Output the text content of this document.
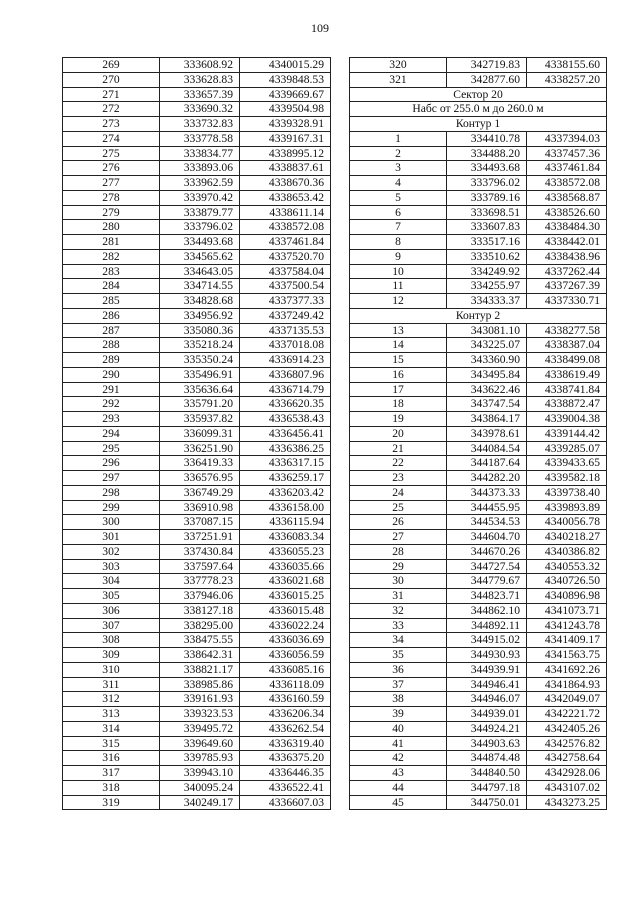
109
269	333608.92	4340015.29
270	333628.83	4339848.53
271	333657.39	4339669.67
272	333690.32	4339504.98
273	333732.83	4339328.91
274	333778.58	4339167.31
275	333834.77	4338995.12
276	333893.06	4338837.61
277	333962.59	4338670.36
278	333970.42	4338653.42
279	333879.77	4338611.14
280	333796.02	4338572.08
281	334493.68	4337461.84
282	334565.62	4337520.70
283	334643.05	4337584.04
284	334714.55	4337500.54
285	334828.68	4337377.33
286	334956.92	4337249.42
287	335080.36	4337135.53
288	335218.24	4337018.08
289	335350.24	4336914.23
290	335496.91	4336807.96
291	335636.64	4336714.79
292	335791.20	4336620.35
293	335937.82	4336538.43
294	336099.31	4336456.41
295	336251.90	4336386.25
296	336419.33	4336317.15
297	336576.95	4336259.17
298	336749.29	4336203.42
299	336910.98	4336158.00
300	337087.15	4336115.94
301	337251.91	4336083.34
302	337430.84	4336055.23
303	337597.64	4336035.66
304	337778.23	4336021.68
305	337946.06	4336015.25
306	338127.18	4336015.48
307	338295.00	4336022.24
308	338475.55	4336036.69
309	338642.31	4336056.59
310	338821.17	4336085.16
311	338985.86	4336118.09
312	339161.93	4336160.59
313	339323.53	4336206.34
314	339495.72	4336262.54
315	339649.60	4336319.40
316	339785.93	4336375.20
317	339943.10	4336446.35
318	340095.24	4336522.41
319	340249.17	4336607.03
320	342719.83	4338155.60
321	342877.60	4338257.20
Сектор 20		
Набс от 255.0 м до 260.0 м		
Контур 1		
1	334410.78	4337394.03
2	334488.20	4337457.36
3	334493.68	4337461.84
4	333796.02	4338572.08
5	333789.16	4338568.87
6	333698.51	4338526.60
7	333607.83	4338484.30
8	333517.16	4338442.01
9	333510.62	4338438.96
10	334249.92	4337262.44
11	334255.97	4337267.39
12	334333.37	4337330.71
Контур 2		
13	343081.10	4338277.58
14	343225.07	4338387.04
15	343360.90	4338499.08
16	343495.84	4338619.49
17	343622.46	4338741.84
18	343747.54	4338872.47
19	343864.17	4339004.38
20	343978.61	4339144.42
21	344084.54	4339285.07
22	344187.64	4339433.65
23	344282.20	4339582.18
24	344373.33	4339738.40
25	344455.95	4339893.89
26	344534.53	4340056.78
27	344604.70	4340218.27
28	344670.26	4340386.82
29	344727.54	4340553.32
30	344779.67	4340726.50
31	344823.71	4340896.98
32	344862.10	4341073.71
33	344892.11	4341243.78
34	344915.02	4341409.17
35	344930.93	4341563.75
36	344939.91	4341692.26
37	344946.41	4341864.93
38	344946.07	4342049.07
39	344939.01	4342221.72
40	344924.21	4342405.26
41	344903.63	4342576.82
42	344874.48	4342758.64
43	344840.50	4342928.06
44	344797.18	4343107.02
45	344750.01	4343273.25
